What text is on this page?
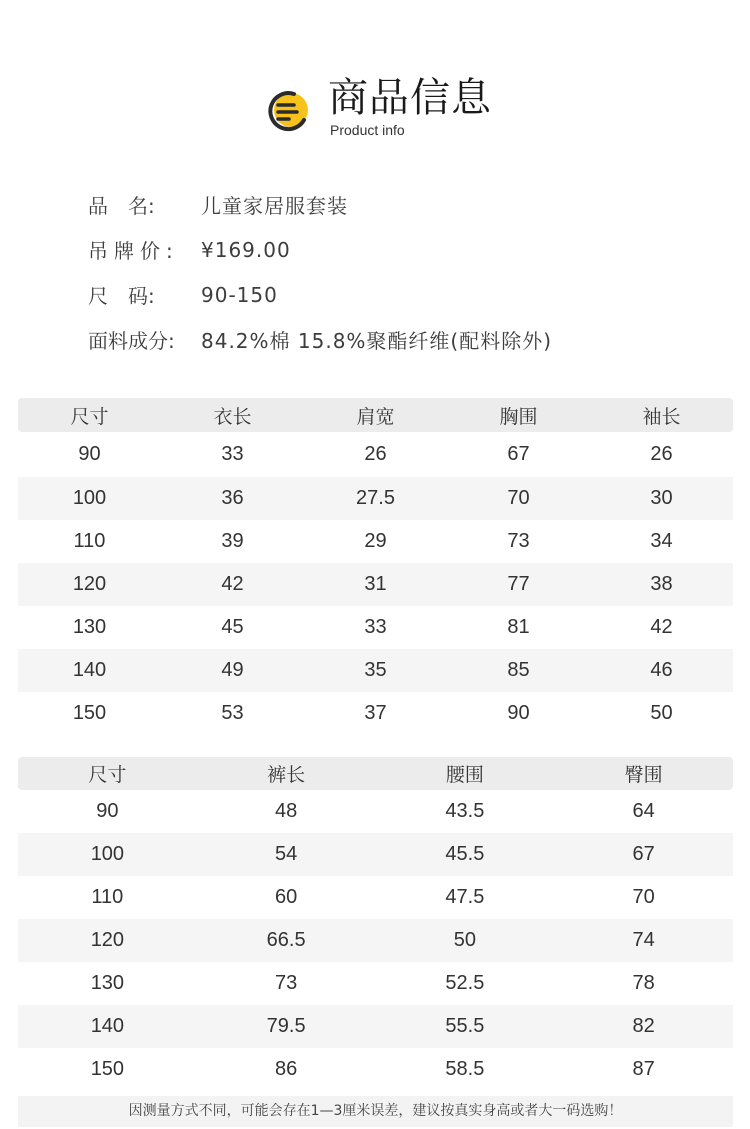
商品信息
Product info
品　名:	儿童家居服套装
吊牌价:	¥169.00
尺　码:	90-150
面料成分:	84.2%棉 15.8%聚酯纤维(配料除外)
尺寸	衣长	肩宽	胸围	袖长
90	33	26	67	26
100	36	27.5	70	30
110	39	29	73	34
120	42	31	77	38
130	45	33	81	42
140	49	35	85	46
150	53	37	90	50
尺寸	裤长	腰围	臀围
90	48	43.5	64
100	54	45.5	67
110	60	47.5	70
120	66.5	50	74
130	73	52.5	78
140	79.5	55.5	82
150	86	58.5	87
因测量方式不同，可能会存在1—3厘米误差，建议按真实身高或者大一码选购！
